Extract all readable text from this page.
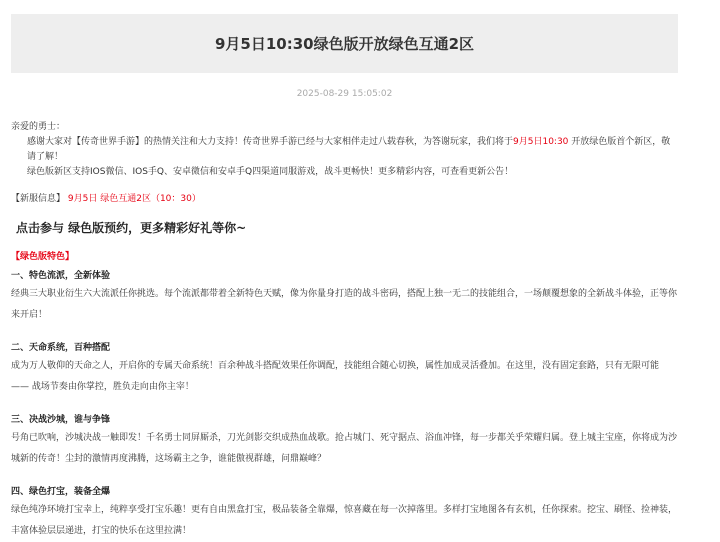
9月5日10:30绿色版开放绿色互通2区
2025-08-29 15:05:02

亲爱的勇士：

感谢大家对【传奇世界手游】的热情关注和大力支持！传奇世界手游已经与大家相伴走过八载春秋，为答谢玩家，我们将于9月5日10:30 开放绿色版首个新区，敬请了解！

绿色版新区支持IOS微信、IOS手Q、安卓微信和安卓手Q四渠道同服游戏，战斗更畅快！更多精彩内容，可查看更新公告！

【新服信息】 9月5日 绿色互通2区（10：30）

点击参与 绿色版预约，更多精彩好礼等你~

【绿色版特色】

一、特色流派，全新体验

经典三大职业衍生六大流派任你挑选。每个流派都带着全新特色天赋，像为你量身打造的战斗密码，搭配上独一无二的技能组合，一场颠覆想象的全新战斗体验，正等你来开启！

二、天命系统，百种搭配

成为万人敬仰的天命之人，开启你的专属天命系统！百余种战斗搭配效果任你调配，技能组合随心切换，属性加成灵活叠加。在这里，没有固定套路，只有无限可能 —— 战场节奏由你掌控，胜负走向由你主宰！

三、决战沙城，谁与争锋

号角已吹响，沙城决战一触即发！千名勇士同屏厮杀，刀光剑影交织成热血战歌。抢占城门、死守据点、浴血冲锋，每一步都关乎荣耀归属。登上城主宝座，你将成为沙城新的传奇！尘封的激情再度沸腾，这场霸主之争，谁能傲视群雄，问鼎巅峰？

四、绿色打宝，装备全爆

绿色纯净环境打宝幸上，纯粹享受打宝乐趣！更有自由黑盒打宝，极品装备全靠爆，惊喜藏在每一次掉落里。多样打宝地图各有玄机，任你探索。挖宝、刷怪、捡神装，丰富体验层层递进，打宝的快乐在这里拉满！
